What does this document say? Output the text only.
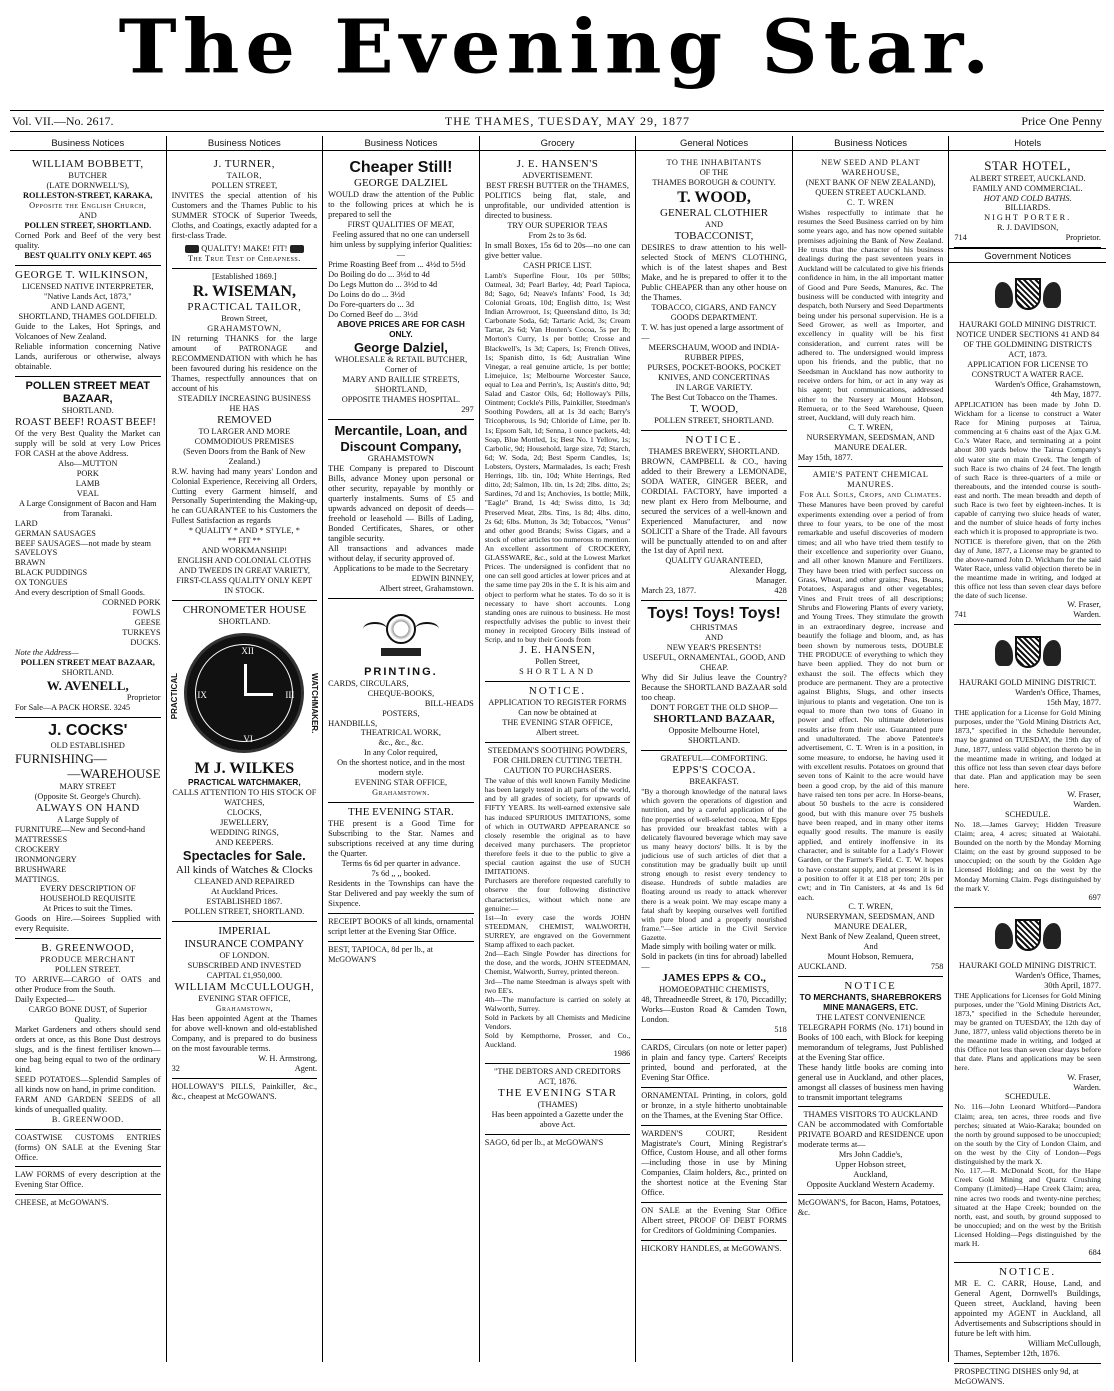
The Evening Star.
Vol. VII.—No. 2617.	THE THAMES, TUESDAY, MAY 29, 1877	Price One Penny
Business Notices
WILLIAM BOBBETT,
BUTCHER
(LATE DORNWELL'S),
ROLLESTON-STREET, KARAKA,
Opposite the English Church,
AND
POLLEN STREET, SHORTLAND.
Corned Pork and Beef of the very best quality.
BEST QUALITY ONLY KEPT. 465
GEORGE T. WILKINSON,
LICENSED NATIVE INTERPRETER,
"Native Lands Act, 1873,"
AND LAND AGENT,
SHORTLAND, THAMES GOLDFIELD.
Guide to the Lakes, Hot Springs, and Volcanoes of New Zealand.
Reliable information concerning Native Lands, auriferous or otherwise, always obtainable.
POLLEN STREET MEAT BAZAAR,
SHORTLAND.
ROAST BEEF! ROAST BEEF!
Of the very Best Quality the Market can supply will be sold at very Low Prices FOR CASH at the above Address.
Also—MUTTON
PORK
LAMB
VEAL
A Large Consignment of Bacon and Ham from Taranaki.
LARD
GERMAN SAUSAGES
BEEF SAUSAGES—not made by steam
SAVELOYS
BRAWN
BLACK PUDDINGS
OX TONGUES
And every description of Small Goods.
CORNED PORK
FOWLS
GEESE
TURKEYS
DUCKS.
Note the Address—
POLLEN STREET MEAT BAZAAR,
SHORTLAND.
W. AVENELL,
Proprietor
For Sale—A PACK HORSE. 3245
J. COCKS'
OLD ESTABLISHED
FURNISHING—
—WAREHOUSE
MARY STREET
(Opposite St. George's Church).
ALWAYS ON HAND
A Large Supply of
FURNITURE—New and Second-hand
MATTRESSES
CROCKERY
IRONMONGERY
BRUSHWARE
MATTINGS.
EVERY DESCRIPTION OF HOUSEHOLD REQUISITE
At Prices to suit the Times.
Goods on Hire.—Soirees Supplied with every Requisite.
B. GREENWOOD,
PRODUCE MERCHANT
POLLEN STREET.
TO ARRIVE—CARGO of OATS and other Produce from the South.
Daily Expected—
CARGO BONE DUST, of Superior Quality.
Market Gardeners and others should send orders at once, as this Bone Dust destroys slugs, and is the finest fertiliser known—one bag being equal to two of the ordinary kind.
SEED POTATOES—Splendid Samples of all kinds now on hand, in prime condition.
FARM AND GARDEN SEEDS of all kinds of unequalled quality.
B. GREENWOOD.
COASTWISE CUSTOMS ENTRIES (forms) ON SALE at the Evening Star Office.
LAW FORMS of every description at the Evening Star Office.
CHEESE, at McGOWAN'S.
Business Notices
J. TURNER,
TAILOR,
POLLEN STREET,
INVITES the special attention of his Customers and the Thames Public to his SUMMER STOCK of Superior Tweeds, Cloths, and Coatings, exactly adapted for a first-class Trade.
QUALITY! MAKE! FIT!
The True Test of Cheapness.
[Established 1869.]
R. WISEMAN,
PRACTICAL TAILOR,
Brown Street,
GRAHAMSTOWN,
IN returning THANKS for the large amount of PATRONAGE and RECOMMENDATION with which he has been favoured during his residence on the Thames, respectfully announces that on account of his
STEADILY INCREASING BUSINESS
HE HAS
REMOVED
TO LARGER AND MORE COMMODIOUS PREMISES
(Seven Doors from the Bank of New Zealand.)
R.W. having had many years' London and Colonial Experience, Receiving all Orders, Cutting every Garment himself, and Personally Superintending the Making-up, he can GUARANTEE to his Customers the Fullest Satisfaction as regards
* QUALITY * AND * STYLE, *
** FIT **
AND WORKMANSHIP!
ENGLISH AND COLONIAL CLOTHS AND TWEEDS IN GREAT VARIETY,
FIRST-CLASS QUALITY ONLY KEPT IN STOCK.
CHRONOMETER HOUSE
SHORTLAND.
PRACTICAL
XII
III
VI
IX	WATCHMAKER.
M J. WILKES
PRACTICAL WATCHMAKER,
CALLS ATTENTION TO HIS STOCK OF
WATCHES,
CLOCKS,
JEWELLERY,
WEDDING RINGS,
AND KEEPERS.
Spectacles for Sale.
All kinds of Watches & Clocks
CLEANED AND REPAIRED
At Auckland Prices.
ESTABLISHED 1867.
POLLEN STREET, SHORTLAND.
IMPERIAL
INSURANCE COMPANY
OF LONDON.
SUBSCRIBED AND INVESTED
CAPITAL £1,950,000.
WILLIAM McCULLOUGH,
EVENING STAR OFFICE,
Grahamstown,
Has been appointed Agent at the Thames for above well-known and old-established Company, and is prepared to do business on the most favourable terms.
W. H. Armstrong,
32	Agent.
HOLLOWAY'S PILLS, Painkiller, &c., &c., cheapest at McGOWAN'S.
Business Notices
Cheaper Still!
GEORGE DALZIEL
WOULD draw the attention of the Public to the following prices at which he is prepared to sell the
FIRST QUALITIES OF MEAT,
Feeling assured that no one can undersell him unless by supplying inferior Qualities:—
Prime Roasting Beef from ... 4½d to 5½d
Do Boiling do do ... 3½d to 4d
Do Legs Mutton do ... 3½d to 4d
Do Loins do do ... 3½d
Do Fore-quarters do ... 3d
Do Corned Beef do ... 3½d
ABOVE PRICES ARE FOR CASH ONLY.
George Dalziel,
WHOLESALE & RETAIL BUTCHER,
Corner of
MARY AND BAILLIE STREETS,
SHORTLAND,
OPPOSITE THAMES HOSPITAL.
297
Mercantile, Loan, and Discount Company,
GRAHAMSTOWN
THE Company is prepared to Discount Bills, advance Money upon personal or other security, repayable by monthly or quarterly instalments. Sums of £5 and upwards advanced on deposit of deeds—freehold or leasehold — Bills of Lading, Bonded Certificates, Shares, or other tangible security.
All transactions and advances made without delay, if security approved of.
Applications to be made to the Secretary
EDWIN BINNEY,
Albert street, Grahamstown.
PRINTING.
CARDS, CIRCULARS,
CHEQUE-BOOKS,
BILL-HEADS
POSTERS,
HANDBILLS,
THEATRICAL WORK,
&c., &c., &c.
In any Color required,
On the shortest notice, and in the most modern style.
EVENING STAR OFFICE,
Grahamstown.
THE EVENING STAR.
THE present is a Good Time for Subscribing to the Star. Names and subscriptions received at any time during the Quarter.
Terms 6s 6d per quarter in advance.
7s 6d ,, ,, booked.
Residents in the Townships can have the Star Delivered and pay weekly the sum of Sixpence.
RECEIPT BOOKS of all kinds, ornamental script letter at the Evening Star Office.
BEST, TAPIOCA, 8d per lb., at McGOWAN'S
Grocery
J. E. HANSEN'S
ADVERTISEMENT.
BEST FRESH BUTTER on the THAMES,
POLITICS being flat, stale, and unprofitable, our undivided attention is directed to business.
TRY OUR SUPERIOR TEAS
From 2s to 3s 6d.
In small Boxes, 15s 6d to 20s—no one can give better value.
CASH PRICE LIST.
Lamb's Superfine Flour, 10s per 50lbs; Oatmeal, 3d; Pearl Barley, 4d; Pearl Tapioca, 8d; Sago, 6d; Neave's Infants' Food, 1s 3d; Colonial Groats, 10d; English ditto, 1s; West Indian Arrowroot, 1s; Queensland ditto, 1s 3d; Carbonate Soda, 6d; Tartaric Acid, 3s; Cream Tartar, 2s 6d; Van Houten's Cocoa, 5s per lb; Morton's Curry, 1s per bottle; Crosse and Blackwell's, 1s 3d; Capers, 1s; French Olives, 1s; Spanish ditto, 1s 6d; Australian Wine Vinegar, a real genuine article, 1s per bottle; Limejuice, 1s; Melbourne Worcester Sauce, equal to Lea and Perrin's, 1s; Austin's ditto, 9d; Salad and Castor Oils, 6d; Holloway's Pills, Ointment; Cockle's Pills, Painkiller, Steedman's Soothing Powders, all at 1s 3d each; Barry's Tricopherous, 1s 9d; Chloride of Lime, per lb. 1s; Epsom Salt, 1d; Senna, 1 ounce packets, 4d; Soap, Blue Mottled, 1s; Best No. 1 Yellow, 1s; Carbolic, 9d; Household, large size, 7d; Starch, 6d; W. Soda, 2d; Best Sperm Candles, 1s; Lobsters, Oysters, Marmalades, 1s each; Fresh Herrings, 1lb. tin, 10d; White Herrings, Red ditto, 2d; Salmon, 1lb. tin, 1s 2d; 2lbs. ditto, 2s; Sardines, 7d and 1s; Anchovies, 1s bottle; Milk, "Eagle" Brand, 1s 4d; Swiss ditto, 1s 3d; Preserved Meat, 2lbs. Tins, 1s 8d; 4lbs. ditto, 2s 6d; 6lbs. Mutton, 3s 3d; Tobaccos, "Venus" and other good Brands; Swiss Cigars, and a stock of other articles too numerous to mention.
An excellent assortment of CROCKERY, GLASSWARE, &c., sold at the Lowest Market Prices. The undersigned is confident that no one can sell good articles at lower prices and at the same time pay 20s in the £. It is his aim and object to perform what he states. To do so it is necessary to have short accounts. Long standing ones are ruinous to business. He most respectfully advises the public to invest their money in receipted Grocery Bills instead of Scrip, and to buy their Goods from
J. E. HANSEN,
Pollen Street,
SHORTLAND
NOTICE.
APPLICATION TO REGISTER FORMS
Can now be obtained at
THE EVENING STAR OFFICE,
Albert street.
STEEDMAN'S SOOTHING POWDERS, FOR CHILDREN CUTTING TEETH.
CAUTION TO PURCHASERS.
The value of this well known Family Medicine has been largely tested in all parts of the world, and by all grades of society, for upwards of FIFTY YEARS. Its well-earned extensive sale has induced SPURIOUS IMITATIONS, some of which in OUTWARD APPEARANCE so closely resemble the original as to have deceived many purchasers. The proprietor therefore feels it due to the public to give a special caution against the use of SUCH IMITATIONS.
Purchasers are therefore requested carefully to observe the four following distinctive characteristics, without which none are genuine:—
1st—In every case the words JOHN STEEDMAN, CHEMIST, WALWORTH, SURREY, are engraved on the Government Stamp affixed to each packet.
2nd—Each Single Powder has directions for the dose, and the words, JOHN STEEDMAN, Chemist, Walworth, Surrey, printed thereon.
3rd—The name Steedman is always spelt with two EE's.
4th—The manufacture is carried on solely at Walworth, Surrey.
Sold in Packets by all Chemists and Medicine Vendors.
Sold by Kempthorne, Prosser, and Co., Auckland.
1986
"THE DEBTORS AND CREDITORS
ACT, 1876.
THE EVENING STAR
(THAMES)
Has been appointed a Gazette under the above Act.
SAGO, 6d per lb., at McGOWAN'S
General Notices
TO THE INHABITANTS
OF THE
THAMES BOROUGH & COUNTY.
T. WOOD,
GENERAL CLOTHIER
AND
TOBACCONIST,
DESIRES to draw attention to his well-selected Stock of MEN'S CLOTHING, which is of the latest shapes and Best Make, and he is prepared to offer it to the Public CHEAPER than any other house on the Thames.
TOBACCO, CIGARS, AND FANCY GOODS DEPARTMENT.
T. W. has just opened a large assortment of—
MEERSCHAUM, WOOD and INDIA-RUBBER PIPES,
PURSES, POCKET-BOOKS, POCKET KNIVES, AND CONCERTINAS
IN LARGE VARIETY.
The Best Cut Tobacco on the Thames.
T. WOOD,
POLLEN STREET, SHORTLAND.
NOTICE.
THAMES BREWERY, SHORTLAND.
BROWN, CAMPBELL & CO., having added to their Brewery a LEMONADE, SODA WATER, GINGER BEER, and CORDIAL FACTORY, have imported a new plant ex Hero from Melbourne, and secured the services of a well-known and Experienced Manufacturer, and now SOLICIT a Share of the Trade. All favours will be punctually attended to on and after the 1st day of April next.
QUALITY GUARANTEED,
Alexander Hogg,
Manager.
March 23, 1877.	428
Toys! Toys! Toys!
CHRISTMAS
AND
NEW YEAR'S PRESENTS!
USEFUL, ORNAMENTAL, GOOD, AND CHEAP.
Why did Sir Julius leave the Country? Because the SHORTLAND BAZAAR sold too cheap.
DON'T FORGET THE OLD SHOP—
SHORTLAND BAZAAR,
Opposite Melbourne Hotel,
SHORTLAND.
GRATEFUL—COMFORTING.
EPPS'S COCOA.
BREAKFAST.
"By a thorough knowledge of the natural laws which govern the operations of digestion and nutrition, and by a careful application of the fine properties of well-selected cocoa, Mr Epps has provided our breakfast tables with a delicately flavoured beverage which may save us many heavy doctors' bills. It is by the judicious use of such articles of diet that a constitution may be gradually built up until strong enough to resist every tendency to disease. Hundreds of subtle maladies are floating around us ready to attack wherever there is a weak point. We may escape many a fatal shaft by keeping ourselves well fortified with pure blood and a properly nourished frame."—See article in the Civil Service Gazette.
Made simply with boiling water or milk.
Sold in packets (in tins for abroad) labelled—
JAMES EPPS & CO.,
HOMOEOPATHIC CHEMISTS,
48, Threadneedle Street, & 170, Piccadilly; Works—Euston Road & Camden Town, London.
518
CARDS, Circulars (on note or letter paper) in plain and fancy type. Carters' Receipts printed, bound and perforated, at the Evening Star Office.
ORNAMENTAL Printing, in colors, gold or bronze, in a style hitherto unobtainable on the Thames, at the Evening Star Office.
WARDEN'S COURT, Resident Magistrate's Court, Mining Registrar's Office, Custom House, and all other forms—including those in use by Mining Companies, Claim holders, &c., printed on the shortest notice at the Evening Star Office.
ON SALE at the Evening Star Office Albert street, PROOF OF DEBT FORMS for Creditors of Goldmining Companies.
HICKORY HANDLES, at McGOWAN'S.
Business Notices
NEW SEED AND PLANT WAREHOUSE,
(NEXT BANK OF NEW ZEALAND),
QUEEN STREET AUCKLAND.
C. T. WREN
Wishes respectfully to intimate that he resumes the Seed Business carried on by him some years ago, and has now opened suitable premises adjoining the Bank of New Zealand. He trusts that the character of his business dealings during the past seventeen years in Auckland will be calculated to give his friends confidence in him, in the all important matter of Good and Pure Seeds, Manures, &c. The business will be conducted with integrity and despatch, both Nursery and Seed Departments being under his personal supervision. He is a Seed Grower, as well as Importer, and excellency in quality will be his first consideration, and current rates will be adhered to. The undersigned would impress upon his friends, and the public, that no Seedsman in Auckland has now authority to receive orders for him, or act in any way as his agent; but communications, addressed either to the Nursery at Mount Hobson, Remuera, or to the Seed Warehouse, Queen street, Auckland, will duly reach him.
C. T. WREN,
NURSERYMAN, SEEDSMAN, AND MANURE DEALER.
May 15th, 1877.
AMIE'S PATENT CHEMICAL MANURES.
For All Soils, Crops, and Climates.
These Manures have been proved by careful experiments extending over a period of from three to four years, to be one of the most remarkable and useful discoveries of modern times; and all who have tried them testify to their excellence and superiority over Guano, and all other known Manure and Fertilizers. They have been tried with perfect success on Grass, Wheat, and other grains; Peas, Beans, Potatoes, Asparagus and other vegetables; Vines and Fruit trees of all descriptions; Shrubs and Flowering Plants of every variety, and Young Trees. They stimulate the growth in an extraordinary degree, increase and beautify the foliage and bloom, and, as has been shown by numerous tests, DOUBLE THE PRODUCE of everything to which they have been applied. They do not burn or exhaust the soil. The effects which they produce are permanent. They are a protective against Blights, Slugs, and other insects injurious to plants and vegetation. One ton is equal to more than two tons of Guano in power and effect. No ultimate deleterious results arise from their use. Guaranteed pure and unadulterated. The above Patentee's advertisement, C. T. Wren is in a position, in some measure, to endorse, he having used it with excellent results. Potatoes on ground that seven tons of Kainit to the acre would have been a good crop, by the aid of this manure have raised ten tons per acre. In Horse-beans, about 50 bushels to the acre is considered good, but with this manure over 75 bushels have been reaped, and in many other items equally good results. The manure is easily applied, and entirely inoffensive in its character, and is suitable for a Lady's Flower Garden, or the Farmer's Field. C. T. W. hopes to have constant supply, and at present it is in a position to offer it at £18 per ton; 20s per cwt; and in Tin Canisters, at 4s and 1s 6d each.
C. T. WREN,
NURSERYMAN, SEEDSMAN, AND MANURE DEALER,
Next Bank of New Zealand, Queen street,
And
Mount Hobson, Remuera,
AUCKLAND.	758
NOTICE
TO MERCHANTS, SHAREBROKERS
MINE MANAGERS, ETC.
THE LATEST CONVENIENCE
TELEGRAPH FORMS (No. 171) bound in Books of 100 each, with Block for keeping memorandum of telegrams, Just Published at the Evening Star office.
These handy little books are coming into general use in Auckland, and other places, amongst all classes of business men having to transmit important telegrams
THAMES VISITORS TO AUCKLAND
CAN be accommodated with Comfortable PRIVATE BOARD and RESIDENCE upon moderate terms at—
Mrs John Caddie's,
Upper Hobson street,
Auckland,
Opposite Auckland Western Academy.
McGOWAN'S, for Bacon, Hams, Potatoes, &c.
Hotels
STAR HOTEL,
ALBERT STREET, AUCKLAND.
FAMILY AND COMMERCIAL.
HOT AND COLD BATHS.
BILLIARDS.
NIGHT PORTER.
R. J. DAVIDSON,
714	Proprietor.
Government Notices
HAURAKI GOLD MINING DISTRICT.
NOTICE UNDER SECTIONS 41 AND 84 OF THE GOLDMINING DISTRICTS ACT, 1873.
APPLICATION FOR LICENSE TO CONSTRUCT A WATER RACE.
Warden's Office, Grahamstown,
4th May, 1877.
APPLICATION has been made by John D. Wickham for a license to construct a Water Race for Mining purposes at Tairua, commencing at 6 chains east of the Ajax G.M. Co.'s Water Race, and terminating at a point about 300 yards below the Tairua Company's old water site on main Creek. The length of such Race is two chains of 24 feet. The length of such Race is three-quarters of a mile or thereabouts, and the intended course is south-east and north. The mean breadth and depth of such Race is two feet by eighteen-inches. It is capable of carrying two sluice heads of water, and the number of sluice heads of forty inches each which it is proposed to appropriate is two.
NOTICE is therefore given, that on the 26th day of June, 1877, a License may be granted to the above-named John D. Wickham for the said Water Race, unless valid objection thereto be in the meantime made in writing, and lodged at this office not less than seven clear days before the date of such license.
W. Fraser,
741	Warden.
HAURAKI GOLD MINING DISTRICT.
Warden's Office, Thames,
15th May, 1877.
THE application for a License for Gold Mining purposes, under the "Gold Mining Districts Act, 1873," specified in the Schedule hereunder, may be granted on TUESDAY, the 19th day of June, 1877, unless valid objection thereto be in the meantime made in writing, and lodged at this office not less than seven clear days before that date. Plan and application may be seen here.
W. Fraser,
Warden.
SCHEDULE.
No. 18.—James Garvey; Hidden Treasure Claim; area, 4 acres; situated at Waiotahi. Bounded on the north by the Monday Morning Claim; on the east by ground supposed to be unoccupied; on the south by the Golden Age Licensed Holding; and on the west by the Monday Morning Claim. Pegs distinguished by the mark V.
697
HAURAKI GOLD MINING DISTRICT.
Warden's Office, Thames,
30th April, 1877.
THE Applications for Licenses for Gold Mining purposes, under the "Gold Mining Districts Act, 1873," specified in the Schedule hereunder, may be granted on TUESDAY, the 12th day of June, 1877, unless valid objections thereto be in the meantime made in writing, and lodged at this Office not less than seven clear days before that date. Plans and applications may be seen here.
W. Fraser,
Warden.
SCHEDULE.
No. 116—John Leonard Whitford—Pandora Claim; area, ten acres, three roods and five perches; situated at Waio-Karaka; bounded on the north by ground supposed to be unoccupied; on the south by the City of London Claim, and on the west by the City of London—Pegs distinguished by the mark X.
No. 117.—R. McDonald Scott, for the Hape Creek Gold Mining and Quartz Crushing Company (Limited)—Hape Creek Claim; area, nine acres two roods and twenty-nine perches; situated at the Hape Creek; bounded on the north, east, and south, by ground supposed to be unoccupied; and on the west by the British Licensed Holding—Pegs distinguished by the mark H.
684
NOTICE.
MR E. C. CARR, House, Land, and General Agent, Dornwell's Buildings, Queen street, Auckland, having been appointed my AGENT in Auckland, all Advertisements and Subscriptions should in future be left with him.
William McCullough,
Thames, September 12th, 1876.
PROSPECTING DISHES only 9d, at McGOWAN'S.
